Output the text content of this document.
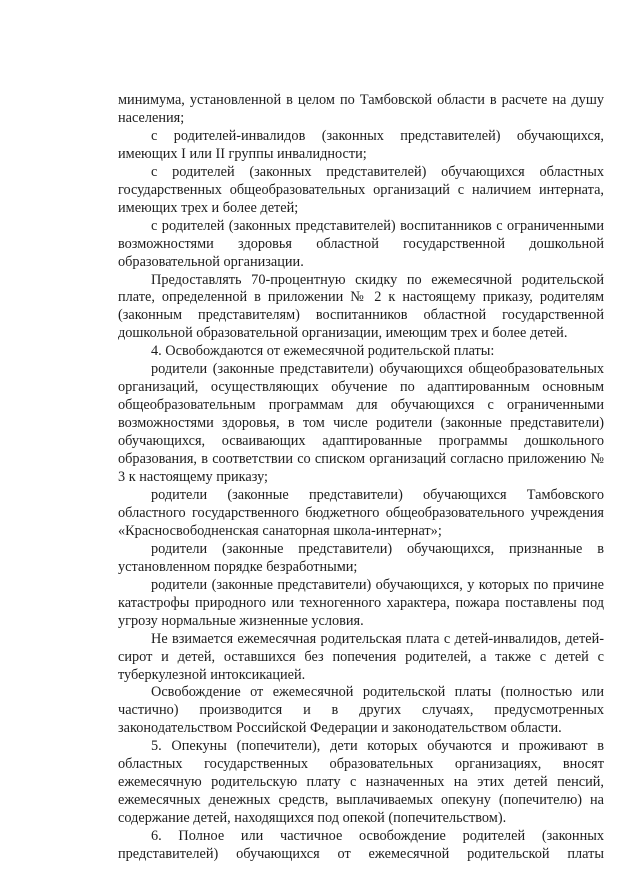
минимума, установленной в целом по Тамбовской области в расчете на душу населения;

с родителей-инвалидов (законных представителей) обучающихся, имеющих I или II группы инвалидности;

с родителей (законных представителей) обучающихся областных государственных общеобразовательных организаций с наличием интерната, имеющих трех и более детей;

с родителей (законных представителей) воспитанников с ограниченными возможностями здоровья областной государственной дошкольной образовательной организации.

Предоставлять 70-процентную скидку по ежемесячной родительской плате, определенной в приложении № 2 к настоящему приказу, родителям (законным представителям) воспитанников областной государственной дошкольной образовательной организации, имеющим трех и более детей.

4. Освобождаются от ежемесячной родительской платы:

родители (законные представители) обучающихся общеобразовательных организаций, осуществляющих обучение по адаптированным основным общеобразовательным программам для обучающихся с ограниченными возможностями здоровья, в том числе родители (законные представители) обучающихся, осваивающих адаптированные программы дошкольного образования, в соответствии со списком организаций согласно приложению № 3 к настоящему приказу;

родители (законные представители) обучающихся Тамбовского областного государственного бюджетного общеобразовательного учреждения «Красносвободненская санаторная школа-интернат»;

родители (законные представители) обучающихся, признанные в установленном порядке безработными;

родители (законные представители) обучающихся, у которых по причине катастрофы природного или техногенного характера, пожара поставлены под угрозу нормальные жизненные условия.

Не взимается ежемесячная родительская плата с детей-инвалидов, детей-сирот и детей, оставшихся без попечения родителей, а также с детей с туберкулезной интоксикацией.

Освобождение от ежемесячной родительской платы (полностью или частично) производится и в других случаях, предусмотренных законодательством Российской Федерации и законодательством области.

5. Опекуны (попечители), дети которых обучаются и проживают в областных государственных образовательных организациях, вносят ежемесячную родительскую плату с назначенных на этих детей пенсий, ежемесячных денежных средств, выплачиваемых опекуну (попечителю) на содержание детей, находящихся под опекой (попечительством).

6. Полное или частичное освобождение родителей (законных представителей) обучающихся от ежемесячной родительской платы
